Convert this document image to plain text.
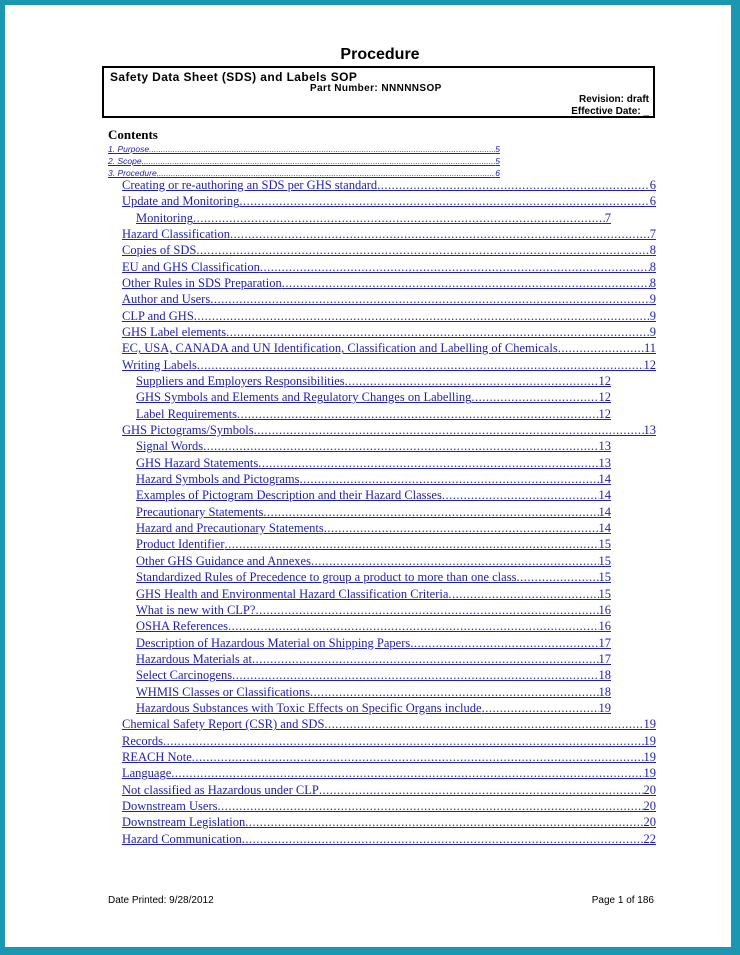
Procedure
Safety Data Sheet (SDS) and Labels SOP
Part Number: NNNNNSOP
Revision: draft
Effective Date: _
Contents
1. Purpose .....	5
2. Scope .....	5
3. Procedure .....	6
Creating or re-authoring an SDS per GHS standard .....	6
Update and Monitoring .....	6
Monitoring .....	7
Hazard Classification .....	7
Copies of SDS .....	8
EU and GHS Classification .....	8
Other Rules in SDS Preparation .....	8
Author and Users .....	9
CLP and GHS .....	9
GHS Label elements .....	9
EC, USA, CANADA and UN Identification, Classification and Labelling of Chemicals .....	11
Writing Labels .....	12
Suppliers and Employers Responsibilities .....	12
GHS Symbols and Elements and Regulatory Changes on Labelling .....	12
Label Requirements .....	12
GHS Pictograms/Symbols .....	13
Signal Words .....	13
GHS Hazard Statements .....	13
Hazard Symbols and Pictograms .....	14
Examples of Pictogram Description and their Hazard Classes .....	14
Precautionary Statements .....	14
Hazard and Precautionary Statements .....	14
Product Identifier .....	15
Other GHS Guidance and Annexes .....	15
Standardized Rules of Precedence to group a product to more than one class .....	15
GHS Health and Environmental Hazard Classification Criteria .....	15
What is new with CLP? .....	16
OSHA References .....	16
Description of Hazardous Material on Shipping Papers .....	17
Hazardous Materials at .....	17
Select Carcinogens .....	18
WHMIS Classes or Classifications .....	18
Hazardous Substances with Toxic Effects on Specific Organs include .....	19
Chemical Safety Report (CSR) and SDS .....	19
Records .....	19
REACH Note .....	19
Language .....	19
Not classified as Hazardous under CLP .....	20
Downstream Users .....	20
Downstream Legislation .....	20
Hazard Communication .....	22
Date Printed: 9/28/2012	Page 1 of 186
